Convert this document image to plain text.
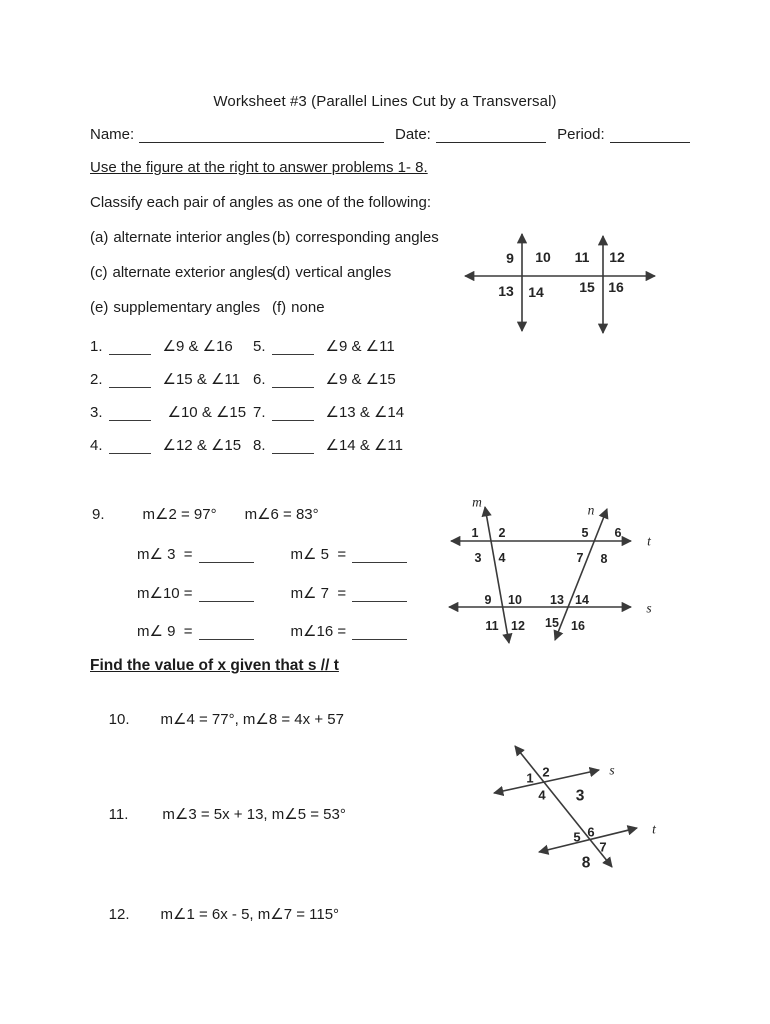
Worksheet #3 (Parallel Lines Cut by a Transversal)
Name:	Date:	Period:
Use the figure at the right to answer problems 1- 8.
Classify each pair of angles as one of the following:
(a) alternate interior angles (b) corresponding angles
(c) alternate exterior angles
(d) vertical angles
(e) supplementary angles (f) none
1.	∠9 & ∠16
2.	∠15 & ∠11
3.	∠10 & ∠15
4.	∠12 & ∠15
5.	∠9 & ∠11
6.	∠9 & ∠15
7.	∠13 & ∠14
8.	∠14 & ∠11
9 10 11 12
13 14	15 16
9.	m∠2 = 97° m∠6 = 83°
m∠ 3  =	m∠ 5  =
m∠10 =	m∠ 7  =
m∠ 9  =	m∠16 =
m
n
t
s
1 2	5 6
3 4	7 8
9 10 13 14
11 12 15 16
Find the value of x given that s // t

10. m∠4 = 77°, m∠8 = 4x + 57

11. m∠3 = 5x + 13, m∠5 = 53°

12. m∠1 = 6x - 5, m∠7 = 115°

s
t
1 2
4 3
5 6
7
8
